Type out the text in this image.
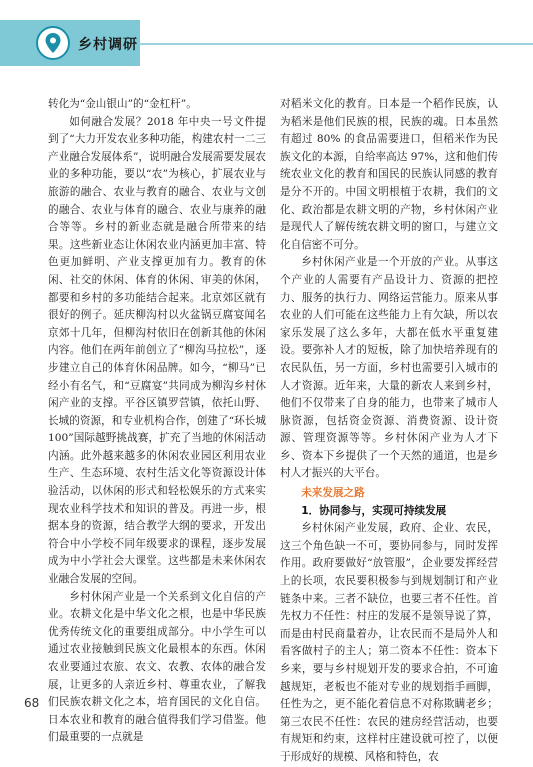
乡村调研

转化为“金山银山”的“金杠杆”。

如何融合发展？2018 年中央一号文件提到了“大力开发农业多种功能，构建农村一二三产业融合发展体系”，说明融合发展需要发展农业的多种功能，要以“农”为核心，扩展农业与旅游的融合、农业与教育的融合、农业与文创的融合、农业与体育的融合、农业与康养的融合等等。乡村的新业态就是融合所带来的结果。这些新业态让休闲农业内涵更加丰富、特色更加鲜明、产业支撑更加有力。教育的休闲、社交的休闲、体育的休闲、审美的休闲，都要和乡村的多功能结合起来。北京郊区就有很好的例子。延庆柳沟村以火盆锅豆腐宴闻名京郊十几年，但柳沟村依旧在创新其他的休闲内容。他们在两年前创立了“柳沟马拉松”，逐步建立自己的体育休闲品牌。如今，“柳马”已经小有名气，和“豆腐宴”共同成为柳沟乡村休闲产业的支撑。平谷区镇罗营镇，依托山野、长城的资源，和专业机构合作，创建了“环长城 100”国际越野挑战赛，扩充了当地的休闲活动内涵。此外越来越多的休闲农业园区利用农业生产、生态环境、农村生活文化等资源设计体验活动，以休闲的形式和轻松娱乐的方式来实现农业科学技术和知识的普及。再进一步，根据本身的资源，结合教学大纲的要求，开发出符合中小学校不同年级要求的课程，逐步发展成为中小学社会大课堂。这些都是未来休闲农业融合发展的空间。

乡村休闲产业是一个关系到文化自信的产业。农耕文化是中华文化之根，也是中华民族优秀传统文化的重要组成部分。中小学生可以通过农业接触到民族文化最根本的东西。休闲农业要通过农旅、农文、农教、农体的融合发展，让更多的人亲近乡村、尊重农业，了解我们民族农耕文化之本，培育国民的文化自信。日本农业和教育的融合值得我们学习借鉴。他们最重要的一点就是

对稻米文化的教育。日本是一个稻作民族，认为稻米是他们民族的根，民族的魂。日本虽然有超过 80% 的食品需要进口，但稻米作为民族文化的本源，自给率高达 97%，这和他们传统农业文化的教育和国民的民族认同感的教育是分不开的。中国文明根植于农耕，我们的文化、政治都是农耕文明的产物，乡村休闲产业是现代人了解传统农耕文明的窗口，与建立文化自信密不可分。

乡村休闲产业是一个开放的产业。从事这个产业的人需要有产品设计力、资源的把控力、服务的执行力、网络运营能力。原来从事农业的人们可能在这些能力上有欠缺，所以农家乐发展了这么多年，大都在低水平重复建设。要弥补人才的短板，除了加快培养现有的农民队伍，另一方面，乡村也需要引入城市的人才资源。近年来，大量的新农人来到乡村，他们不仅带来了自身的能力，也带来了城市人脉资源，包括资金资源、消费资源、设计资源、管理资源等等。乡村休闲产业为人才下乡、资本下乡提供了一个天然的通道，也是乡村人才振兴的大平台。

未来发展之路

1．协同参与，实现可持续发展

乡村休闲产业发展，政府、企业、农民，这三个角色缺一不可，要协同参与，同时发挥作用。政府要做好“放管服”，企业要发挥经营上的长项，农民要积极参与到规划制订和产业链条中来。三者不缺位，也要三者不任性。首先权力不任性：村庄的发展不是领导说了算，而是由村民商量着办，让农民而不是局外人和看客做村子的主人；第二资本不任性：资本下乡来，要与乡村规划开发的要求合拍，不可逾越规矩，老板也不能对专业的规划指手画脚，任性为之，更不能化着信息不对称欺瞒老乡；第三农民不任性：农民的建房经营活动，也要有规矩和约束，这样村庄建设就可控了，以便于形成好的规模、风格和特色，农

68
